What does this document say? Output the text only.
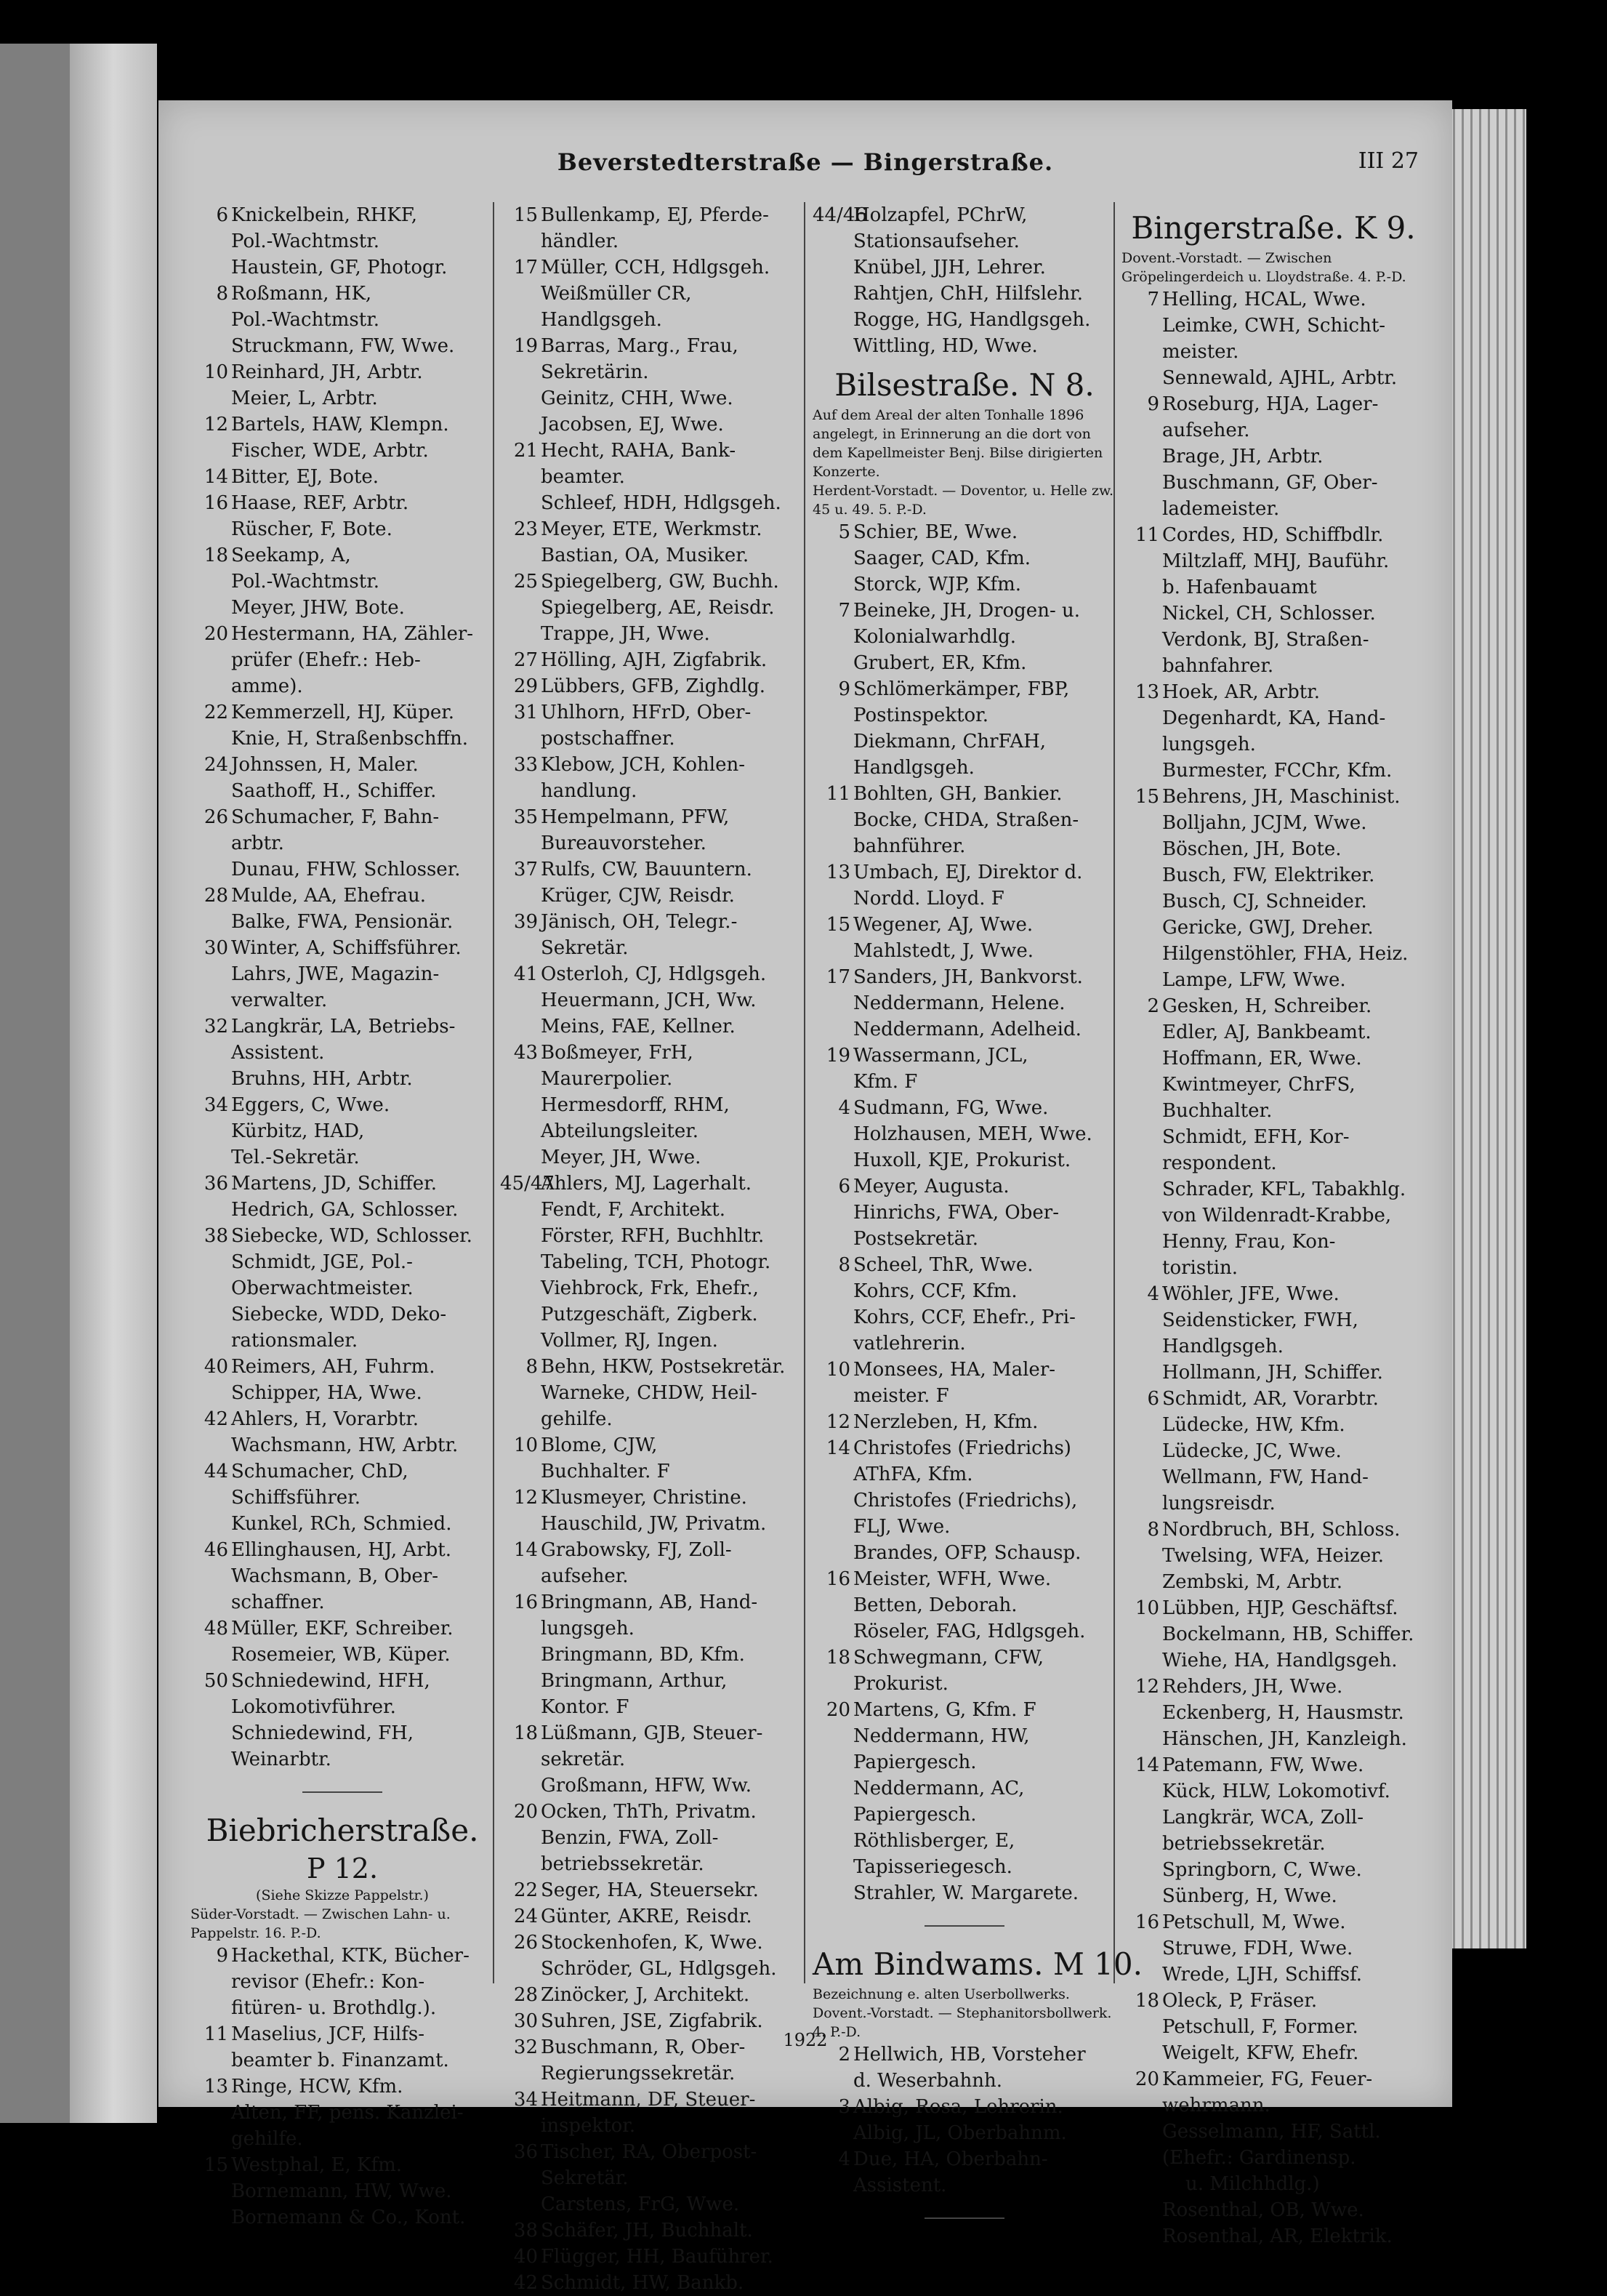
Beverstedterstraße — Bingerstraße.	III 27
6 Knickelbein, RHKF,
Pol.-Wachtmstr.
Haustein, GF, Photogr.
8 Roßmann, HK,
Pol.-Wachtmstr.
Struckmann, FW, Wwe.
10 Reinhard, JH, Arbtr.
Meier, L, Arbtr.
12 Bartels, HAW, Klempn.
Fischer, WDE, Arbtr.
14 Bitter, EJ, Bote.
16 Haase, REF, Arbtr.
Rüscher, F, Bote.
18 Seekamp, A,
Pol.-Wachtmstr.
Meyer, JHW, Bote.
20 Hestermann, HA, Zähler-
prüfer (Ehefr.: Heb-
amme).
22 Kemmerzell, HJ, Küper.
Knie, H, Straßenbschffn.
24 Johnssen, H, Maler.
Saathoff, H., Schiffer.
26 Schumacher, F, Bahn-
arbtr.
Dunau, FHW, Schlosser.
28 Mulde, AA, Ehefrau.
Balke, FWA, Pensionär.
30 Winter, A, Schiffsführer.
Lahrs, JWE, Magazin-
verwalter.
32 Langkrär, LA, Betriebs-
Assistent.
Bruhns, HH, Arbtr.
34 Eggers, C, Wwe.
Kürbitz, HAD,
Tel.-Sekretär.
36 Martens, JD, Schiffer.
Hedrich, GA, Schlosser.
38 Siebecke, WD, Schlosser.
Schmidt, JGE, Pol.-
Oberwachtmeister.
Siebecke, WDD, Deko-
rationsmaler.
40 Reimers, AH, Fuhrm.
Schipper, HA, Wwe.
42 Ahlers, H, Vorarbtr.
Wachsmann, HW, Arbtr.
44 Schumacher, ChD,
Schiffsführer.
Kunkel, RCh, Schmied.
46 Ellinghausen, HJ, Arbt.
Wachsmann, B, Ober-
schaffner.
48 Müller, EKF, Schreiber.
Rosemeier, WB, Küper.
50 Schniedewind, HFH,
Lokomotivführer.
Schniedewind, FH,
Weinarbtr.
Biebricherstraße.
P 12.
(Siehe Skizze Pappelstr.)
Süder-Vorstadt. — Zwischen Lahn- u. Pappelstr. 16. P.-D.
9 Hackethal, KTK, Bücher-
revisor (Ehefr.: Kon-
fitüren- u. Brothdlg.).
11 Maselius, JCF, Hilfs-
beamter b. Finanzamt.
13 Ringe, HCW, Kfm.
Alten, FF, pens. Kanzlei-
gehilfe.
15 Westphal, E, Kfm.
Bornemann, HW, Wwe.
Bornemann & Co., Kont.
15 Bullenkamp, EJ, Pferde-
händler.
17 Müller, CCH, Hdlgsgeh.
Weißmüller CR,
Handlgsgeh.
19 Barras, Marg., Frau,
Sekretärin.
Geinitz, CHH, Wwe.
Jacobsen, EJ, Wwe.
21 Hecht, RAHA, Bank-
beamter.
Schleef, HDH, Hdlgsgeh.
23 Meyer, ETE, Werkmstr.
Bastian, OA, Musiker.
25 Spiegelberg, GW, Buchh.
Spiegelberg, AE, Reisdr.
Trappe, JH, Wwe.
27 Hölling, AJH, Zigfabrik.
29 Lübbers, GFB, Zighdlg.
31 Uhlhorn, HFrD, Ober-
postschaffner.
33 Klebow, JCH, Kohlen-
handlung.
35 Hempelmann, PFW,
Bureauvorsteher.
37 Rulfs, CW, Bauuntern.
Krüger, CJW, Reisdr.
39 Jänisch, OH, Telegr.-
Sekretär.
41 Osterloh, CJ, Hdlgsgeh.
Heuermann, JCH, Ww.
Meins, FAE, Kellner.
43 Boßmeyer, FrH,
Maurerpolier.
Hermesdorff, RHM,
Abteilungsleiter.
Meyer, JH, Wwe.
45/47Ahlers, MJ, Lagerhalt.
Fendt, F, Architekt.
Förster, RFH, Buchhltr.
Tabeling, TCH, Photogr.
Viehbrock, Frk, Ehefr.,
Putzgeschäft, Zigberk.
Vollmer, RJ, Ingen.
8 Behn, HKW, Postsekretär.
Warneke, CHDW, Heil-
gehilfe.
10 Blome, CJW,
Buchhalter. F
12 Klusmeyer, Christine.
Hauschild, JW, Privatm.
14 Grabowsky, FJ, Zoll-
aufseher.
16 Bringmann, AB, Hand-
lungsgeh.
Bringmann, BD, Kfm.
Bringmann, Arthur,
Kontor. F
18 Lüßmann, GJB, Steuer-
sekretär.
Großmann, HFW, Ww.
20 Ocken, ThTh, Privatm.
Benzin, FWA, Zoll-
betriebssekretär.
22 Seger, HA, Steuersekr.
24 Günter, AKRE, Reisdr.
26 Stockenhofen, K, Wwe.
Schröder, GL, Hdlgsgeh.
28 Zinöcker, J, Architekt.
30 Suhren, JSE, Zigfabrik.
32 Buschmann, R, Ober-
Regierungssekretär.
34 Heitmann, DF, Steuer-
inspektor.
36 Tischer, RA, Oberpost-
Sekretär.
Carstens, FrG, Wwe.
38 Schäfer, JH, Buchhalt.
40 Flügger, HH, Bauführer.
42 Schmidt, HW, Bankb.
44/46Holzapfel, PChrW,
Stationsaufseher.
Knübel, JJH, Lehrer.
Rahtjen, ChH, Hilfslehr.
Rogge, HG, Handlgsgeh.
Wittling, HD, Wwe.
Bilsestraße. N 8.
Auf dem Areal der alten Tonhalle 1896 angelegt, in Erinnerung an die dort von dem Kapellmeister Benj. Bilse dirigierten Konzerte.
Herdent-Vorstadt. — Doventor, u. Helle zw. 45 u. 49. 5. P.-D.
5 Schier, BE, Wwe.
Saager, CAD, Kfm.
Storck, WJP, Kfm.
7 Beineke, JH, Drogen- u.
Kolonialwarhdlg.
Grubert, ER, Kfm.
9 Schlömerkämper, FBP,
Postinspektor.
Diekmann, ChrFAH,
Handlgsgeh.
11 Bohlten, GH, Bankier.
Bocke, CHDA, Straßen-
bahnführer.
13 Umbach, EJ, Direktor d.
Nordd. Lloyd. F
15 Wegener, AJ, Wwe.
Mahlstedt, J, Wwe.
17 Sanders, JH, Bankvorst.
Neddermann, Helene.
Neddermann, Adelheid.
19 Wassermann, JCL,
Kfm. F
4 Sudmann, FG, Wwe.
Holzhausen, MEH, Wwe.
Huxoll, KJE, Prokurist.
6 Meyer, Augusta.
Hinrichs, FWA, Ober-
Postsekretär.
8 Scheel, ThR, Wwe.
Kohrs, CCF, Kfm.
Kohrs, CCF, Ehefr., Pri-
vatlehrerin.
10 Monsees, HA, Maler-
meister. F
12 Nerzleben, H, Kfm.
14 Christofes (Friedrichs)
AThFA, Kfm.
Christofes (Friedrichs),
FLJ, Wwe.
Brandes, OFP, Schausp.
16 Meister, WFH, Wwe.
Betten, Deborah.
Röseler, FAG, Hdlgsgeh.
18 Schwegmann, CFW,
Prokurist.
20 Martens, G, Kfm. F
Neddermann, HW,
Papiergesch.
Neddermann, AC,
Papiergesch.
Röthlisberger, E,
Tapisseriegesch.
Strahler, W. Margarete.
Am Bindwams. M 10.
Bezeichnung e. alten Userbollwerks. Dovent.-Vorstadt. — Stephanitorsbollwerk. 4. P.-D.
2 Hellwich, HB, Vorsteher
d. Weserbahnh.
3 Albig, Rosa, Lehrerin.
Albig, JL, Oberbahnm.
4 Due, HA, Oberbahn-
Assistent.
Bingerstraße. K 9.
Dovent.-Vorstadt. — Zwischen Gröpelingerdeich u. Lloydstraße. 4. P.-D.
7 Helling, HCAL, Wwe.
Leimke, CWH, Schicht-
meister.
Sennewald, AJHL, Arbtr.
9 Roseburg, HJA, Lager-
aufseher.
Brage, JH, Arbtr.
Buschmann, GF, Ober-
lademeister.
11 Cordes, HD, Schiffbdlr.
Miltzlaff, MHJ, Bauführ.
b. Hafenbauamt
Nickel, CH, Schlosser.
Verdonk, BJ, Straßen-
bahnfahrer.
13 Hoek, AR, Arbtr.
Degenhardt, KA, Hand-
lungsgeh.
Burmester, FCChr, Kfm.
15 Behrens, JH, Maschinist.
Bolljahn, JCJM, Wwe.
Böschen, JH, Bote.
Busch, FW, Elektriker.
Busch, CJ, Schneider.
Gericke, GWJ, Dreher.
Hilgenstöhler, FHA, Heiz.
Lampe, LFW, Wwe.
2 Gesken, H, Schreiber.
Edler, AJ, Bankbeamt.
Hoffmann, ER, Wwe.
Kwintmeyer, ChrFS,
Buchhalter.
Schmidt, EFH, Kor-
respondent.
Schrader, KFL, Tabakhlg.
von Wildenradt-Krabbe,
Henny, Frau, Kon-
toristin.
4 Wöhler, JFE, Wwe.
Seidensticker, FWH,
Handlgsgeh.
Hollmann, JH, Schiffer.
6 Schmidt, AR, Vorarbtr.
Lüdecke, HW, Kfm.
Lüdecke, JC, Wwe.
Wellmann, FW, Hand-
lungsreisdr.
8 Nordbruch, BH, Schloss.
Twelsing, WFA, Heizer.
Zembski, M, Arbtr.
10 Lübben, HJP, Geschäftsf.
Bockelmann, HB, Schiffer.
Wiehe, HA, Handlgsgeh.
12 Rehders, JH, Wwe.
Eckenberg, H, Hausmstr.
Hänschen, JH, Kanzleigh.
14 Patemann, FW, Wwe.
Kück, HLW, Lokomotivf.
Langkrär, WCA, Zoll-
betriebssekretär.
Springborn, C, Wwe.
Sünberg, H, Wwe.
16 Petschull, M, Wwe.
Struwe, FDH, Wwe.
Wrede, LJH, Schiffsf.
18 Oleck, P, Fräser.
Petschull, F, Former.
Weigelt, KFW, Ehefr.
20 Kammeier, FG, Feuer-
wehrmann.
Gesselmann, HF, Sattl.
(Ehefr.: Gardinensp.
u. Milchhdlg.)
Rosenthal, OB, Wwe.
Rosenthal, AR, Elektrik.
1922
